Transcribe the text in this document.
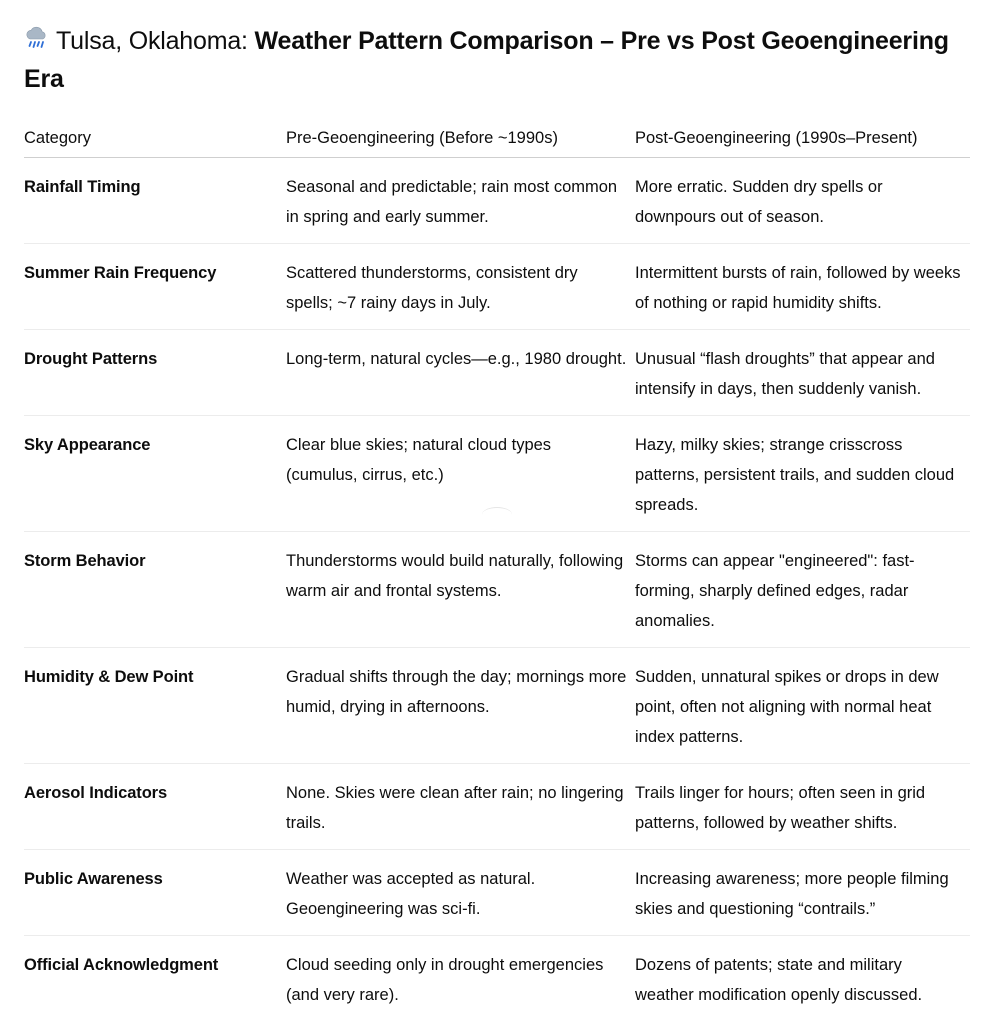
Tulsa, Oklahoma: Weather Pattern Comparison – Pre vs Post Geoengineering Era
Category	Pre-Geoengineering (Before ~1990s)	Post-Geoengineering (1990s–Present)
Rainfall Timing	Seasonal and predictable; rain most common in spring and early summer.	More erratic. Sudden dry spells or downpours out of season.
Summer Rain Frequency	Scattered thunderstorms, consistent dry spells; ~7 rainy days in July.	Intermittent bursts of rain, followed by weeks of nothing or rapid humidity shifts.
Drought Patterns	Long-term, natural cycles—e.g., 1980 drought.	Unusual “flash droughts” that appear and intensify in days, then suddenly vanish.
Sky Appearance	Clear blue skies; natural cloud types (cumulus, cirrus, etc.)	Hazy, milky skies; strange crisscross patterns, persistent trails, and sudden cloud spreads.
Storm Behavior	Thunderstorms would build naturally, following warm air and frontal systems.	Storms can appear "engineered": fast-forming, sharply defined edges, radar anomalies.
Humidity & Dew Point	Gradual shifts through the day; mornings more humid, drying in afternoons.	Sudden, unnatural spikes or drops in dew point, often not aligning with normal heat index patterns.
Aerosol Indicators	None. Skies were clean after rain; no lingering trails.	Trails linger for hours; often seen in grid patterns, followed by weather shifts.
Public Awareness	Weather was accepted as natural. Geoengineering was sci-fi.	Increasing awareness; more people filming skies and questioning “contrails.”
Official Acknowledgment	Cloud seeding only in drought emergencies (and very rare).	Dozens of patents; state and military weather modification openly discussed.
